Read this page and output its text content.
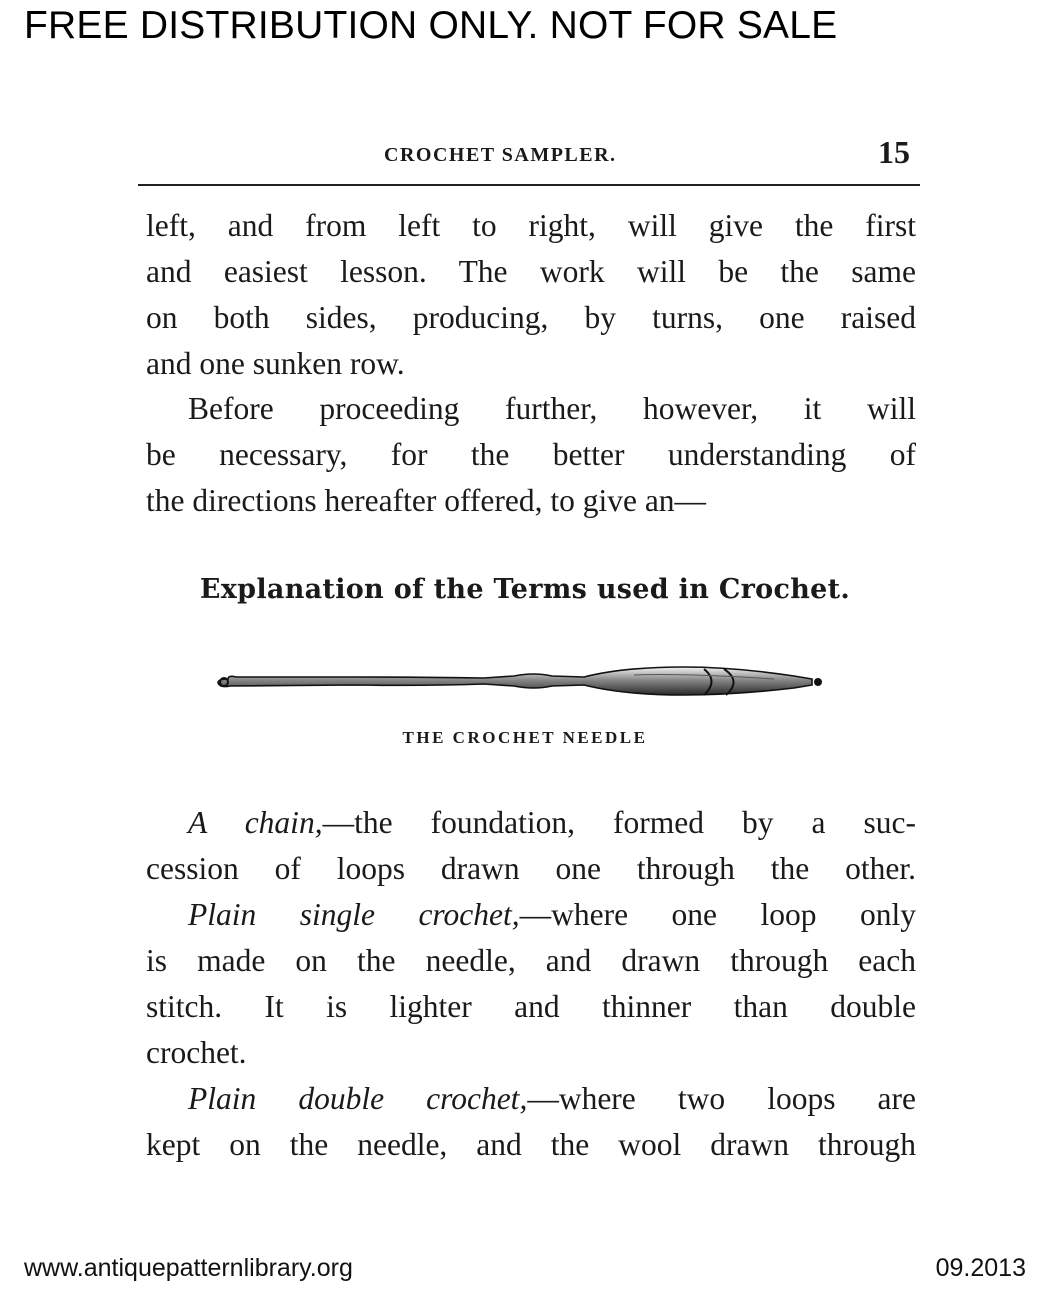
FREE DISTRIBUTION ONLY. NOT FOR SALE
CROCHET SAMPLER.	15
left, and from left to right, will give the first
and easiest lesson. The work will be the same
on both sides, producing, by turns, one raised
and one sunken row.
Before proceeding further, however, it will
be necessary, for the better understanding of
the directions hereafter offered, to give an—
Explanation of the Terms used in Crochet.
THE CROCHET NEEDLE
A chain,—the foundation, formed by a suc-
cession of loops drawn one through the other.
Plain single crochet,—where one loop only
is made on the needle, and drawn through each
stitch. It is lighter and thinner than double
crochet.
Plain double crochet,—where two loops are
kept on the needle, and the wool drawn through
www.antiquepatternlibrary.org	09.2013
